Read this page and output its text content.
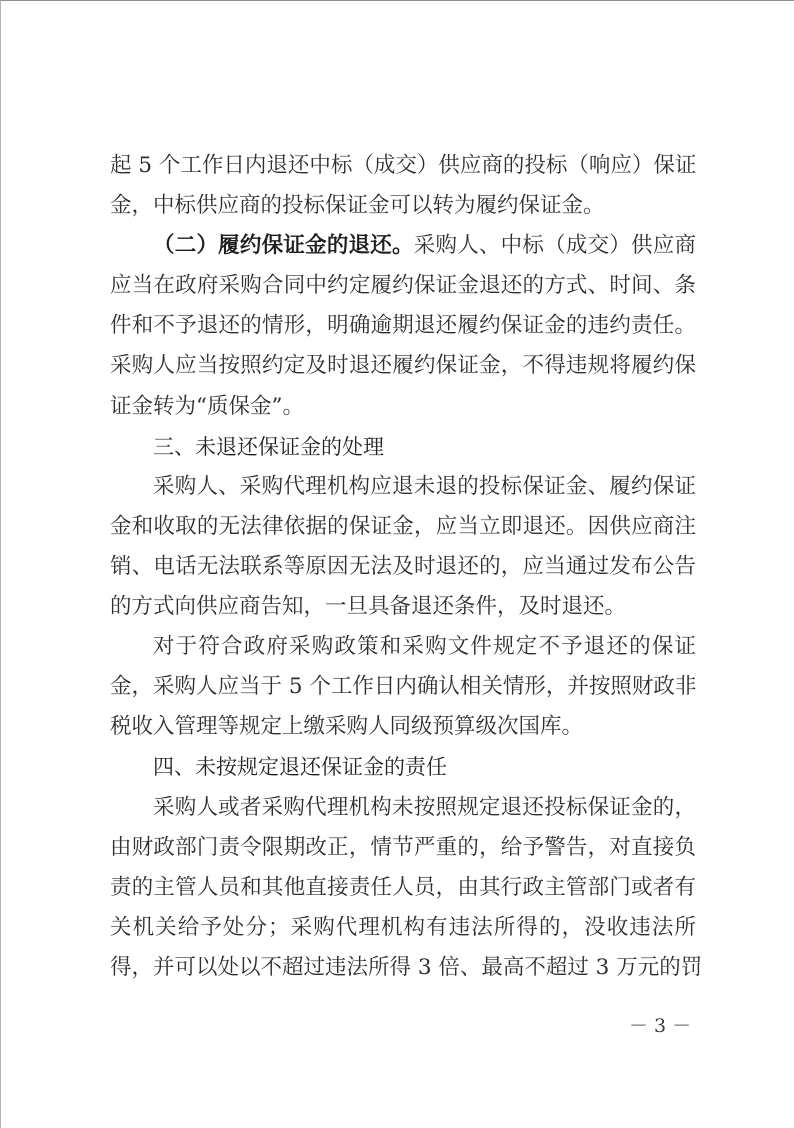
起 5 个工作日内退还中标（成交）供应商的投标（响应）保证
金，中标供应商的投标保证金可以转为履约保证金。
（二）履约保证金的退还。采购人、中标（成交）供应商
应当在政府采购合同中约定履约保证金退还的方式、时间、条
件和不予退还的情形，明确逾期退还履约保证金的违约责任。
采购人应当按照约定及时退还履约保证金，不得违规将履约保
证金转为“质保金”。
三、未退还保证金的处理
采购人、采购代理机构应退未退的投标保证金、履约保证
金和收取的无法律依据的保证金，应当立即退还。因供应商注
销、电话无法联系等原因无法及时退还的，应当通过发布公告
的方式向供应商告知，一旦具备退还条件，及时退还。
对于符合政府采购政策和采购文件规定不予退还的保证
金，采购人应当于 5 个工作日内确认相关情形，并按照财政非
税收入管理等规定上缴采购人同级预算级次国库。
四、未按规定退还保证金的责任
采购人或者采购代理机构未按照规定退还投标保证金的，
由财政部门责令限期改正，情节严重的，给予警告，对直接负
责的主管人员和其他直接责任人员，由其行政主管部门或者有
关机关给予处分；采购代理机构有违法所得的，没收违法所
得，并可以处以不超过违法所得 3 倍、最高不超过 3 万元的罚
－ 3 －
